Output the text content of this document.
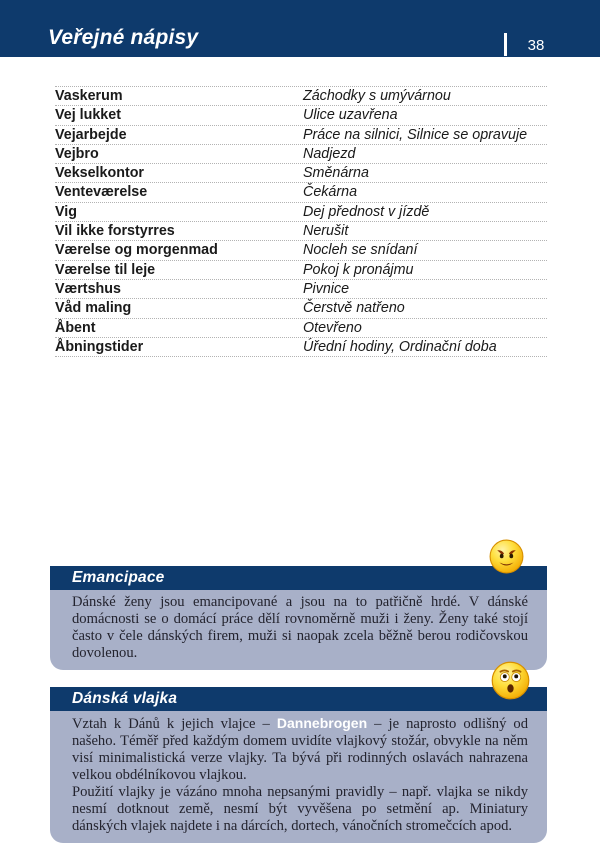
Veřejné nápisy	38
Vaskerum	Záchodky s umývárnou
Vej lukket	Ulice uzavřena
Vejarbejde	Práce na silnici, Silnice se opravuje
Vejbro	Nadjezd
Vekselkontor	Směnárna
Venteværelse	Čekárna
Vig	Dej přednost v jízdě
Vil ikke forstyrres	Nerušit
Værelse og morgenmad	Nocleh se snídaní
Værelse til leje	Pokoj k pronájmu
Værtshus	Pivnice
Våd maling	Čerstvě natřeno
Åbent	Otevřeno
Åbningstider	Úřední hodiny, Ordinační doba
Emancipace

Dánské ženy jsou emancipované a jsou na to patřičně hrdé. V dánské domácnosti se o domácí práce dělí rovnoměrně muži i ženy. Ženy také stojí často v čele dánských firem, muži si naopak zcela běžně berou rodičovskou dovolenou.

Dánská vlajka

Vztah k Dánů k jejich vlajce – Dannebrogen – je naprosto odlišný od našeho. Téměř před každým domem uvidíte vlajkový stožár, obvykle na něm visí minimalistická verze vlajky. Ta bývá při rodinných oslavách nahrazena velkou obdélníkovou vlajkou.

Použití vlajky je vázáno mnoha nepsanými pravidly – např. vlajka se nikdy nesmí dotknout země, nesmí být vyvěšena po setmění ap. Miniatury dánských vlajek najdete i na dárcích, dortech, vánočních stromečcích apod.
